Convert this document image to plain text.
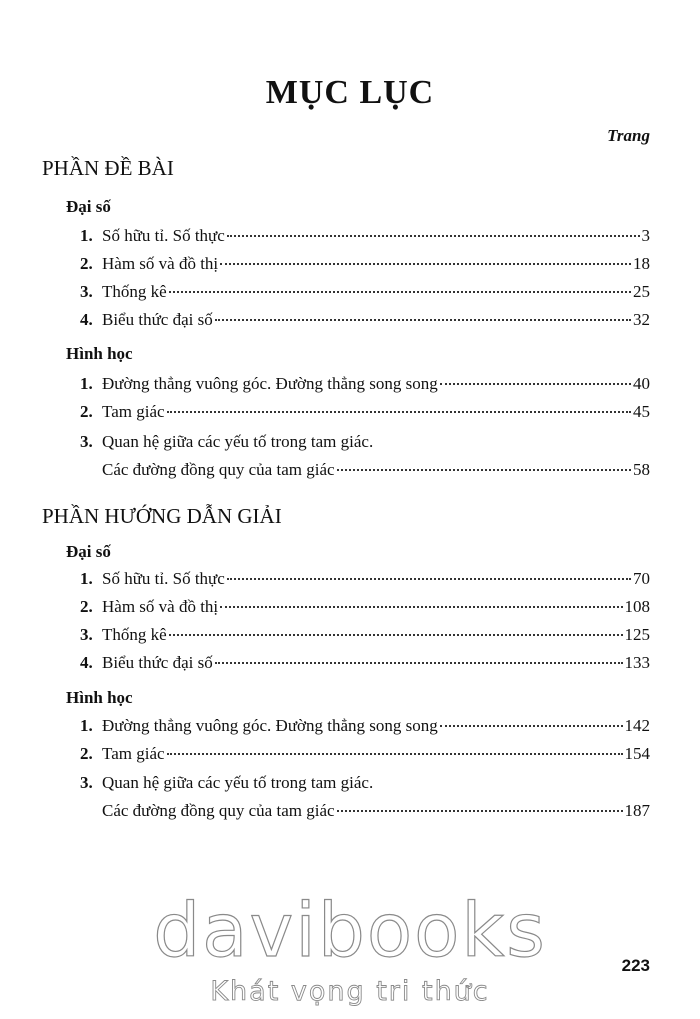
MỤC LỤC
Trang
PHẦN ĐỀ BÀI
Đại số
1. Số hữu tỉ. Số thực	3
2. Hàm số và đồ thị	18
3. Thống kê	25
4. Biểu thức đại số	32
Hình học
1. Đường thẳng vuông góc. Đường thẳng song song	40
2. Tam giác	45
3. Quan hệ giữa các yếu tố trong tam giác.
Các đường đồng quy của tam giác	58
PHẦN HƯỚNG DẪN GIẢI
Đại số
1. Số hữu tỉ. Số thực	70
2. Hàm số và đồ thị	108
3. Thống kê	125
4. Biểu thức đại số	133
Hình học
1. Đường thẳng vuông góc. Đường thẳng song song	142
2. Tam giác	154
3. Quan hệ giữa các yếu tố trong tam giác.
Các đường đồng quy của tam giác	187
davibooks
Khát vọng tri thức
223
